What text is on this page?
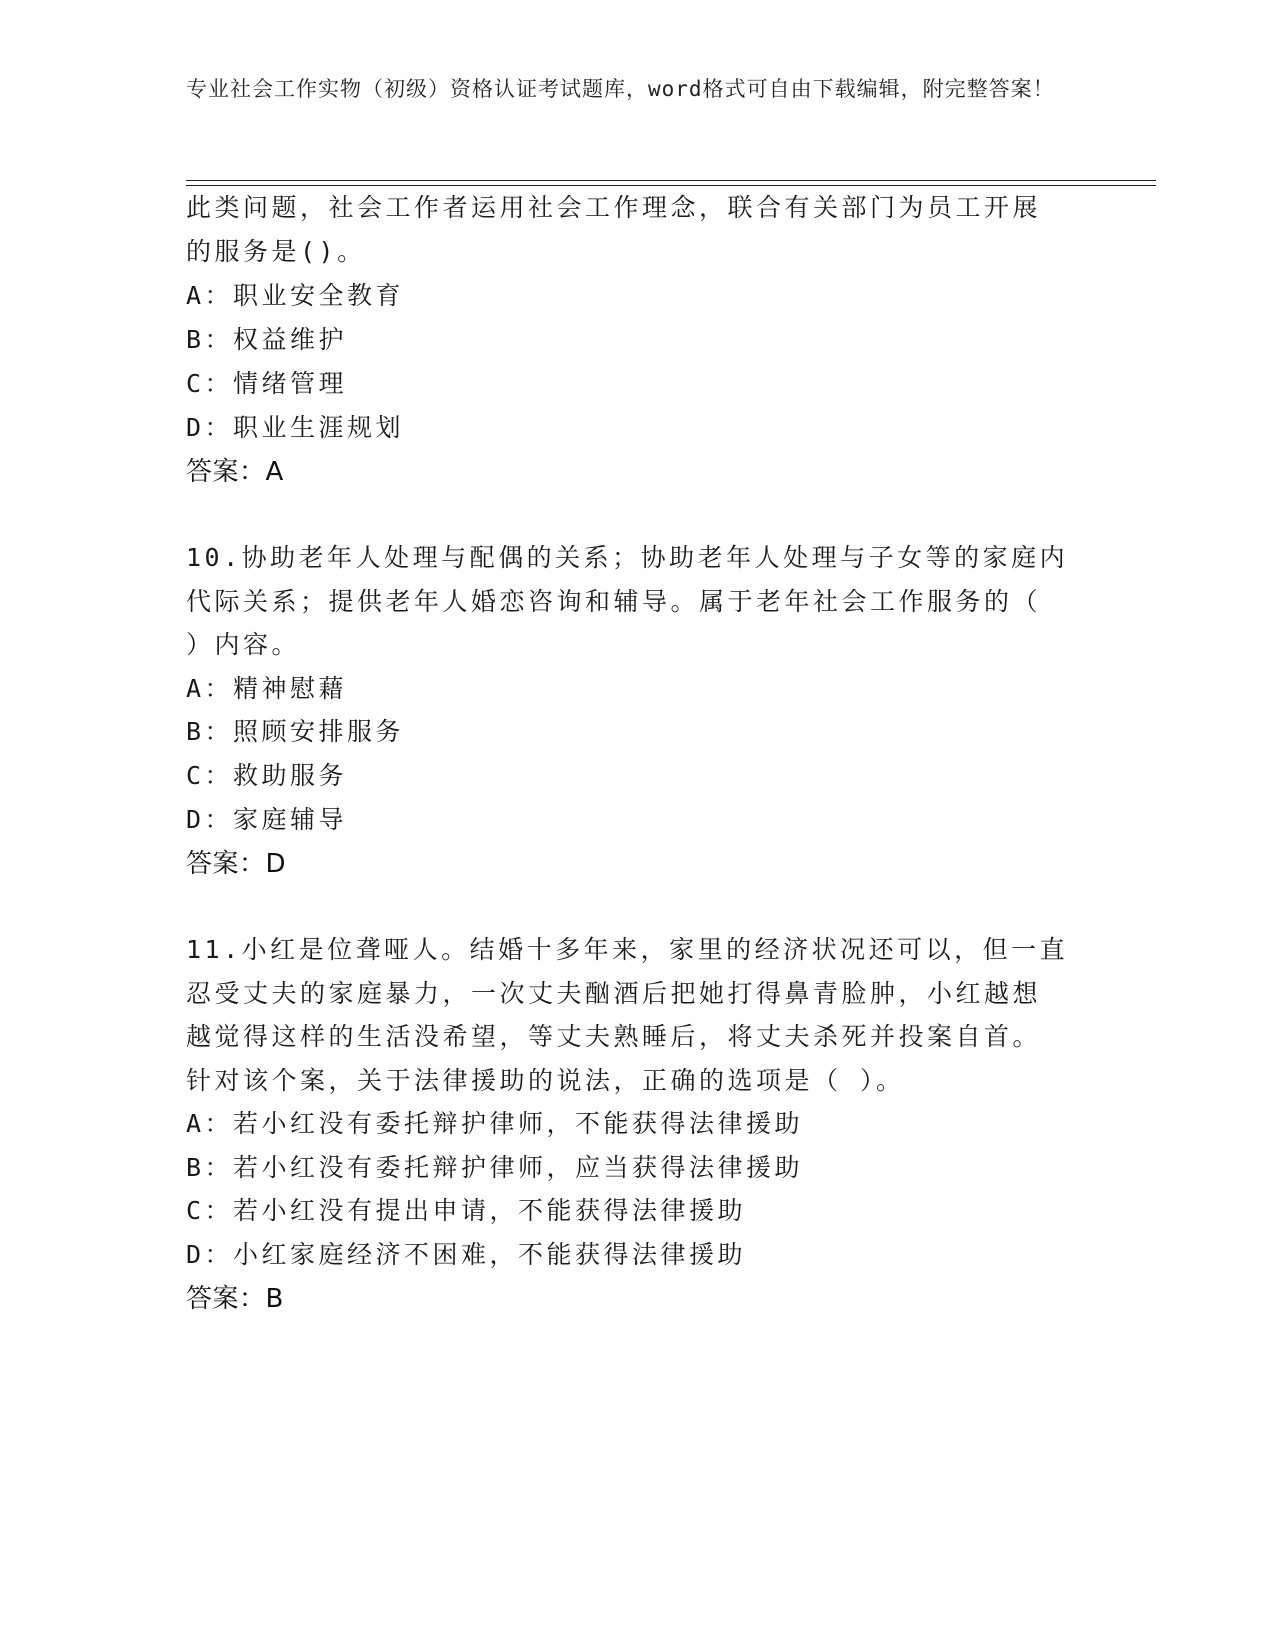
专业社会工作实物（初级）资格认证考试题库，word格式可自由下载编辑，附完整答案！
此类问题，社会工作者运用社会工作理念，联合有关部门为员工开展
的服务是()。
A：职业安全教育
B：权益维护
C：情绪管理
D：职业生涯规划
答案：A
10.协助老年人处理与配偶的关系；协助老年人处理与子女等的家庭内
代际关系；提供老年人婚恋咨询和辅导。属于老年社会工作服务的（
）内容。
A：精神慰藉
B：照顾安排服务
C：救助服务
D：家庭辅导
答案：D
11.小红是位聋哑人。结婚十多年来，家里的经济状况还可以，但一直
忍受丈夫的家庭暴力，一次丈夫酗酒后把她打得鼻青脸肿，小红越想
越觉得这样的生活没希望，等丈夫熟睡后，将丈夫杀死并投案自首。
针对该个案，关于法律援助的说法，正确的选项是（ ）。
A：若小红没有委托辩护律师，不能获得法律援助
B：若小红没有委托辩护律师，应当获得法律援助
C：若小红没有提出申请，不能获得法律援助
D：小红家庭经济不困难，不能获得法律援助
答案：B
